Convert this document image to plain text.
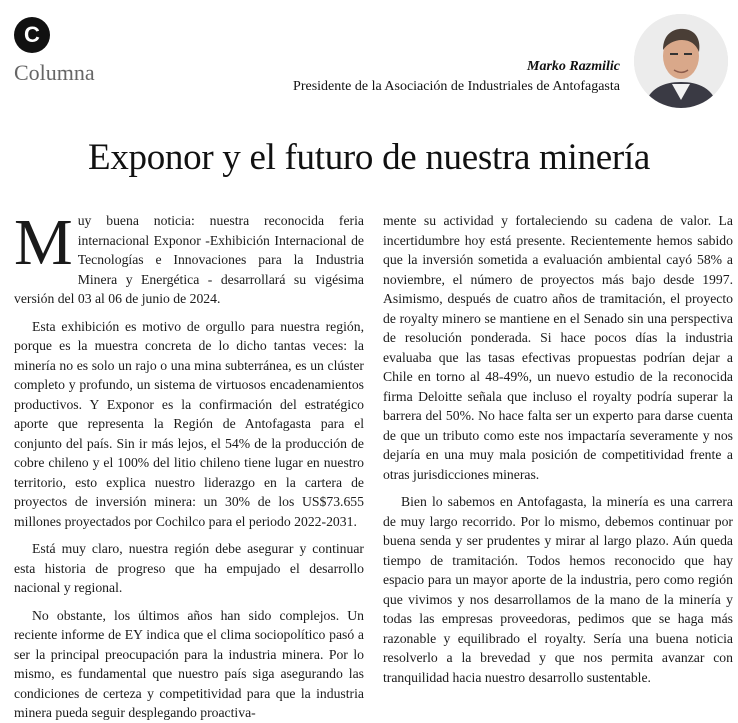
C
Columna	Marko Razmilic
Presidente de la Asociación de Industriales de Antofagasta
Exponor y el futuro de nuestra minería

Muy buena noticia: nuestra reconocida feria internacional Exponor -Exhibición Internacional de Tecnologías e Innovaciones para la Industria Minera y Energética - desarrollará su vigésima versión del 03 al 06 de junio de 2024.

Esta exhibición es motivo de orgullo para nuestra región, porque es la muestra concreta de lo dicho tantas veces: la minería no es solo un rajo o una mina subterránea, es un clúster completo y profundo, un sistema de virtuosos encadenamientos productivos. Y Exponor es la confirmación del estratégico aporte que representa la Región de Antofagasta para el conjunto del país. Sin ir más lejos, el 54% de la producción de cobre chileno y el 100% del litio chileno tiene lugar en nuestro territorio, esto explica nuestro liderazgo en la cartera de proyectos de inversión minera: un 30% de los US$73.655 millones proyectados por Cochilco para el periodo 2022-2031.

Está muy claro, nuestra región debe asegurar y continuar esta historia de progreso que ha empujado el desarrollo nacional y regional.

No obstante, los últimos años han sido complejos. Un reciente informe de EY indica que el clima sociopolítico pasó a ser la principal preocupación para la industria minera. Por lo mismo, es fundamental que nuestro país siga asegurando las condiciones de certeza y competitividad para que la industria minera pueda seguir desplegando proactiva-

mente su actividad y fortaleciendo su cadena de valor. La incertidumbre hoy está presente. Recientemente hemos sabido que la inversión sometida a evaluación ambiental cayó 58% a noviembre, el número de proyectos más bajo desde 1997. Asimismo, después de cuatro años de tramitación, el proyecto de royalty minero se mantiene en el Senado sin una perspectiva de resolución ponderada. Si hace pocos días la industria evaluaba que las tasas efectivas propuestas podrían dejar a Chile en torno al 48-49%, un nuevo estudio de la reconocida firma Deloitte señala que incluso el royalty podría superar la barrera del 50%. No hace falta ser un experto para darse cuenta de que un tributo como este nos impactaría severamente y nos dejaría en una muy mala posición de competitividad frente a otras jurisdicciones mineras.

Bien lo sabemos en Antofagasta, la minería es una carrera de muy largo recorrido. Por lo mismo, debemos continuar por buena senda y ser prudentes y mirar al largo plazo. Aún queda tiempo de tramitación. Todos hemos reconocido que hay espacio para un mayor aporte de la industria, pero como región que vivimos y nos desarrollamos de la mano de la minería y todas las empresas proveedoras, pedimos que se haga más razonable y equilibrado el royalty. Sería una buena noticia resolverlo a la brevedad y que nos permita avanzar con tranquilidad hacia nuestro desarrollo sustentable.
